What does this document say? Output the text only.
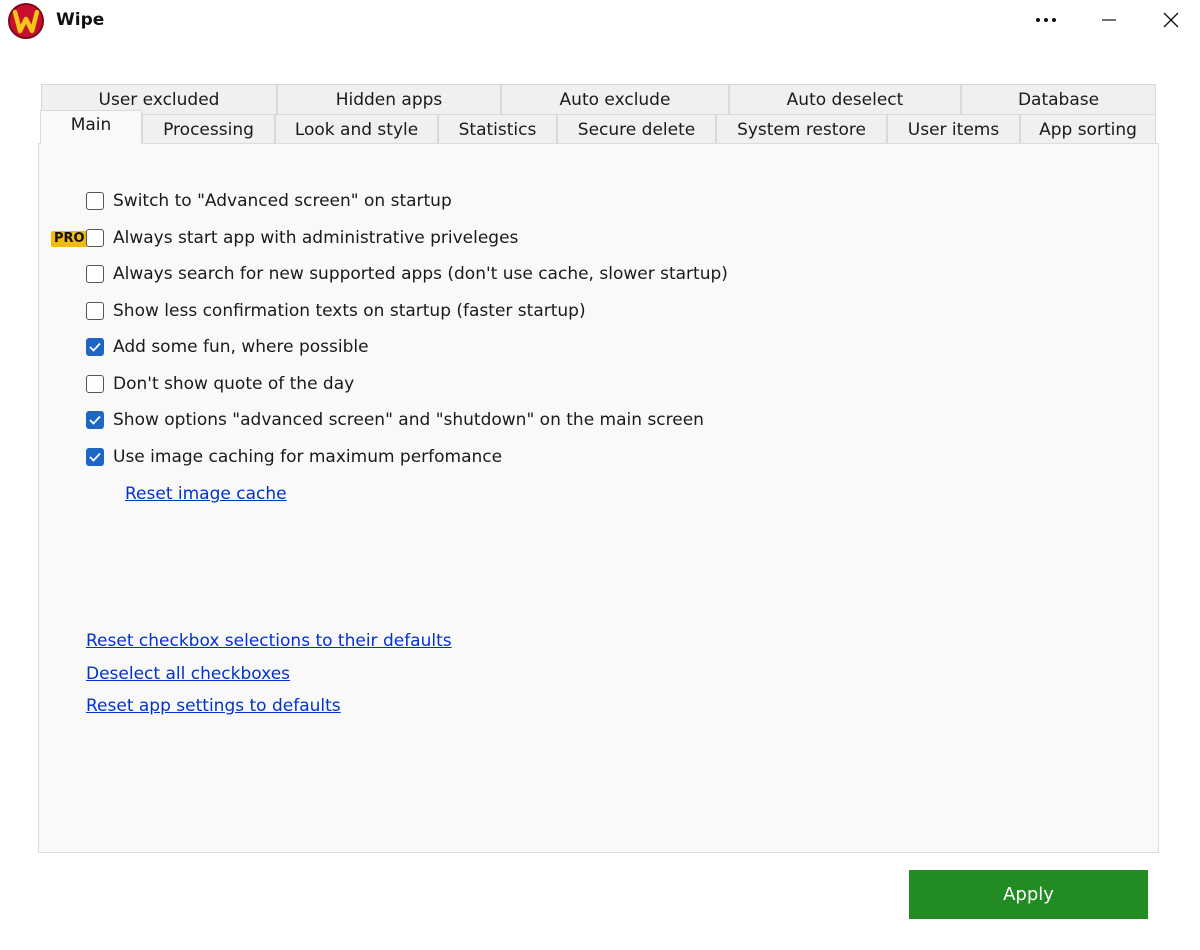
Wipe
User excluded	Hidden apps	Auto exclude	Auto deselect	Database
Main	Processing	Look and style	Statistics	Secure delete	System restore	User items	App sorting
Switch to "Advanced screen" on startup
PRO Always start app with administrative priveleges
Always search for new supported apps (don't use cache, slower startup)
Show less confirmation texts on startup (faster startup)
Add some fun, where possible
Don't show quote of the day
Show options "advanced screen" and "shutdown" on the main screen
Use image caching for maximum perfomance
Reset image cache
Reset checkbox selections to their defaults
Deselect all checkboxes
Reset app settings to defaults
Apply
